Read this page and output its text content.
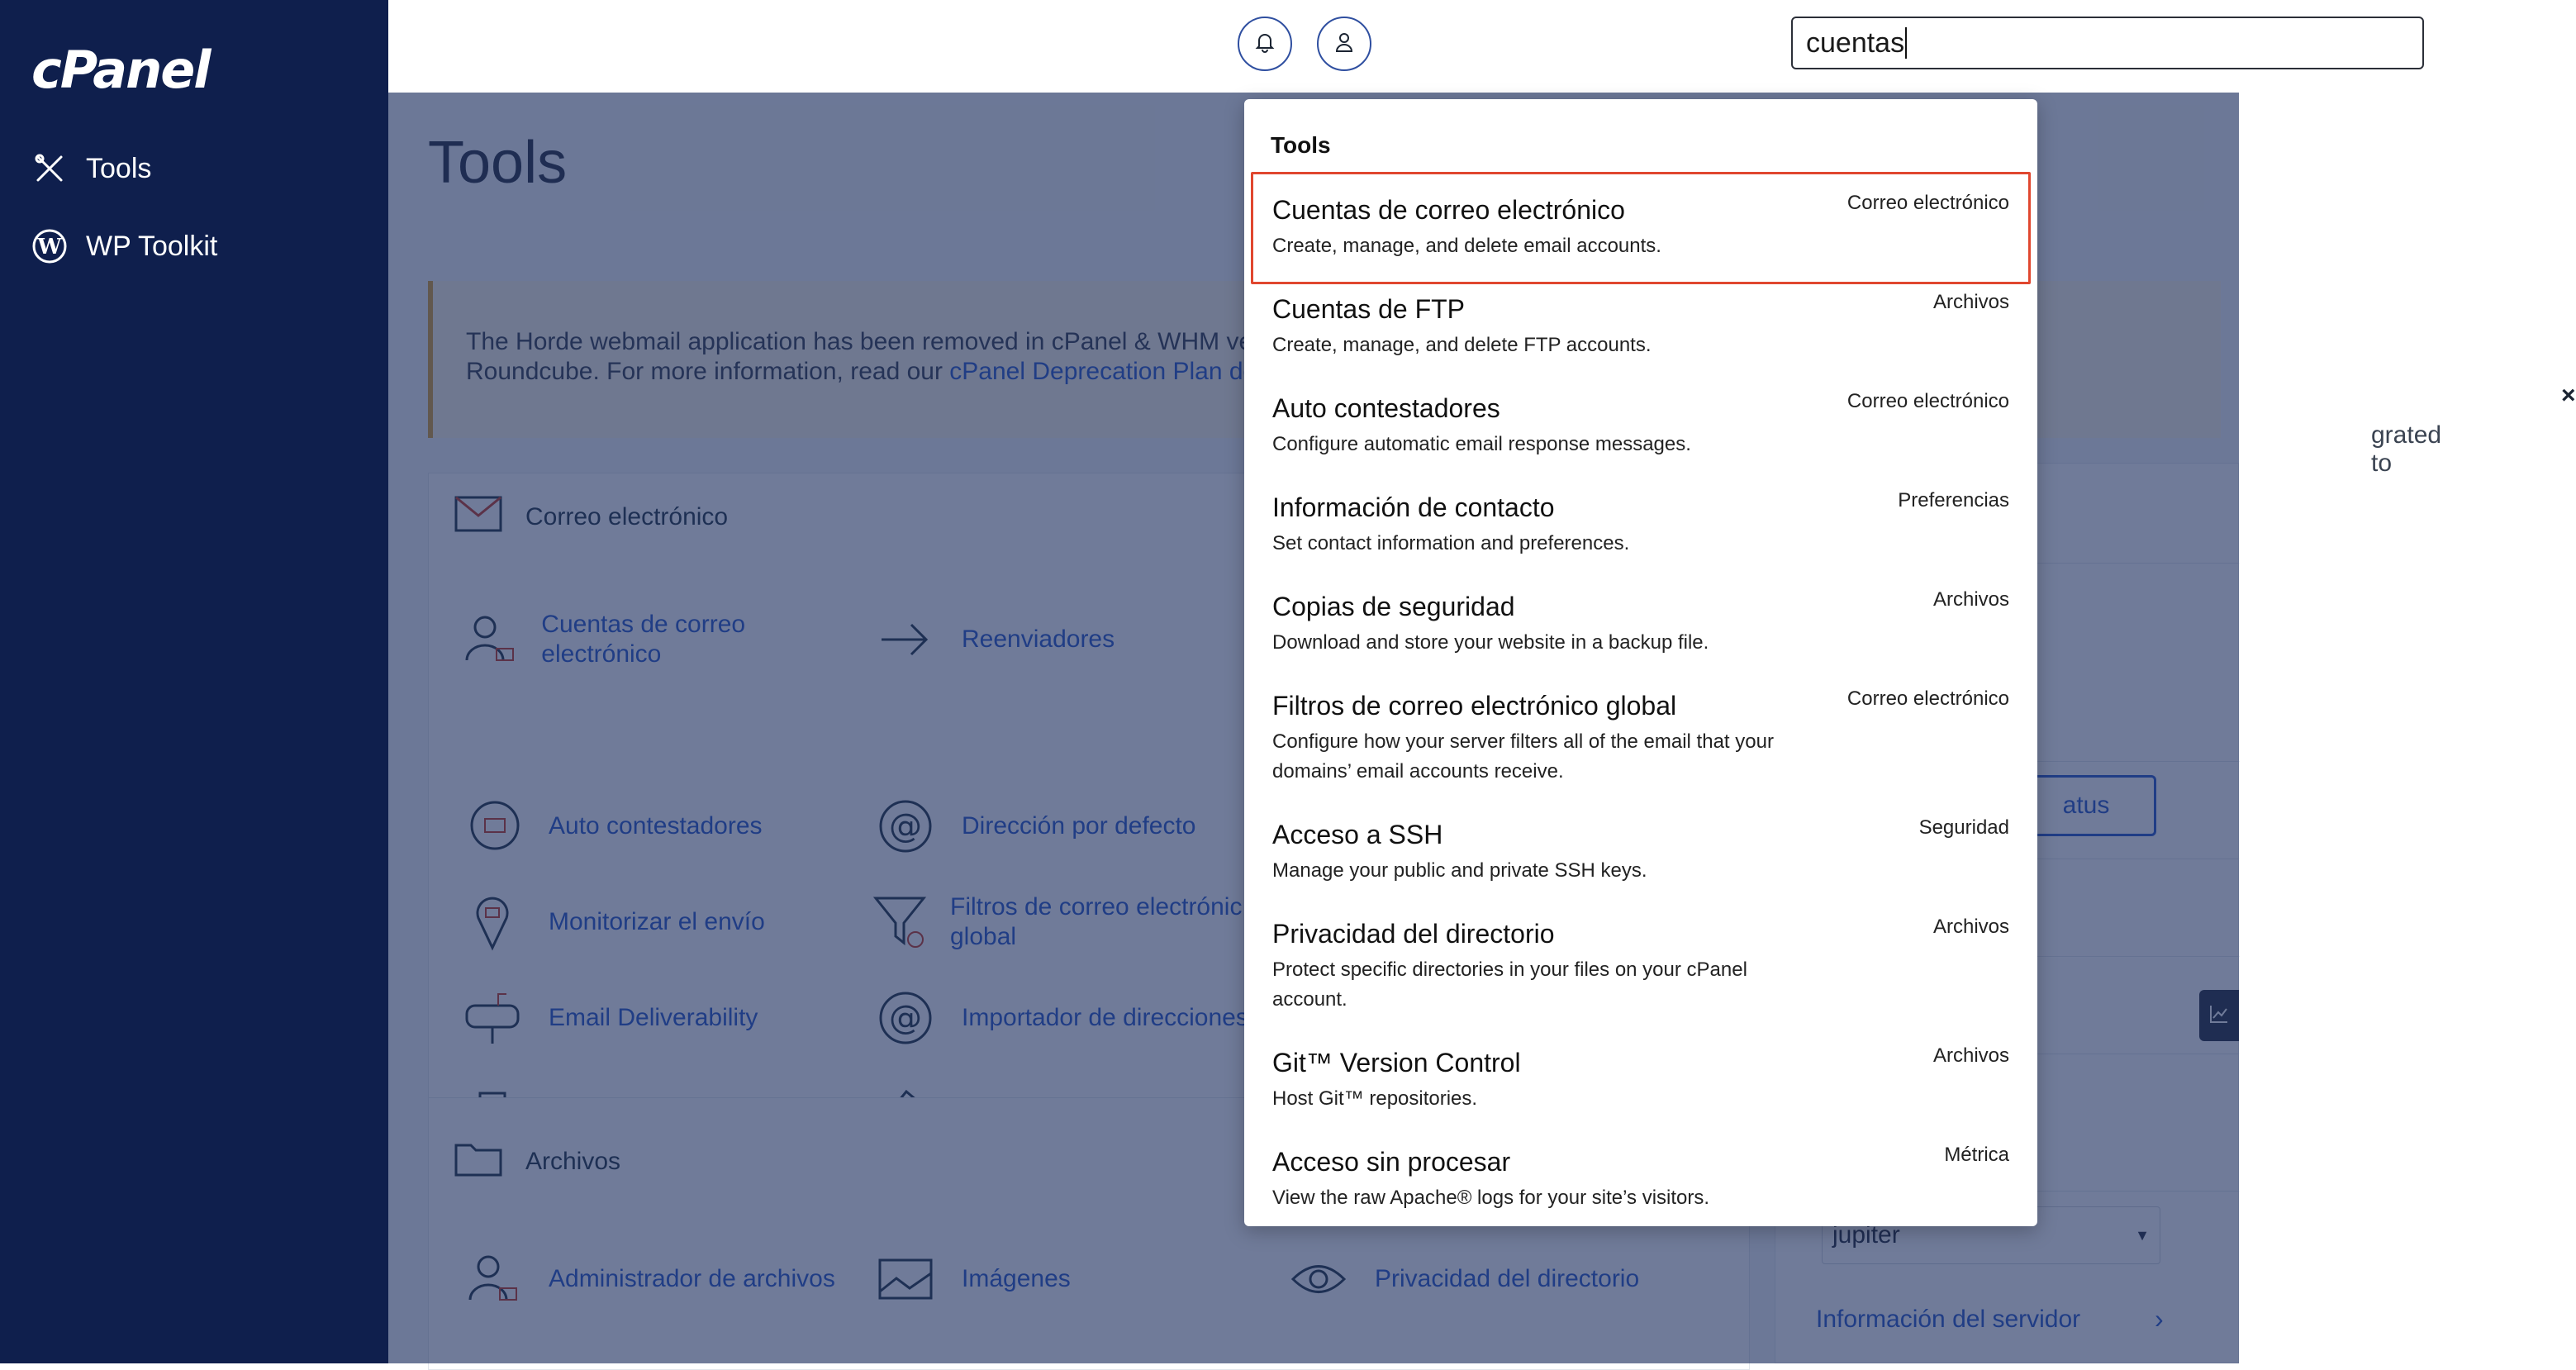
cPanel
Tools
W WP Toolkit
cuentas
grated to
×
Tools
Cuentas de correo electrónico
Create, manage, and delete email accounts.
Correo electrónico
Cuentas de FTP
Create, manage, and delete FTP accounts.
Archivos
Auto contestadores
Configure automatic email response messages.
Correo electrónico
Información de contacto
Set contact information and preferences.
Preferencias
Copias de seguridad
Download and store your website in a backup file.
Archivos
Filtros de correo electrónico global
Configure how your server filters all of the email that your domains’ email accounts receive.
Correo electrónico
Acceso a SSH
Manage your public and private SSH keys.
Seguridad
Privacidad del directorio
Protect specific directories in your files on your cPanel account.
Archivos
Git™ Version Control
Host Git™ repositories.
Archivos
Acceso sin procesar
View the raw Apache® logs for your site’s visitors.
Métrica
